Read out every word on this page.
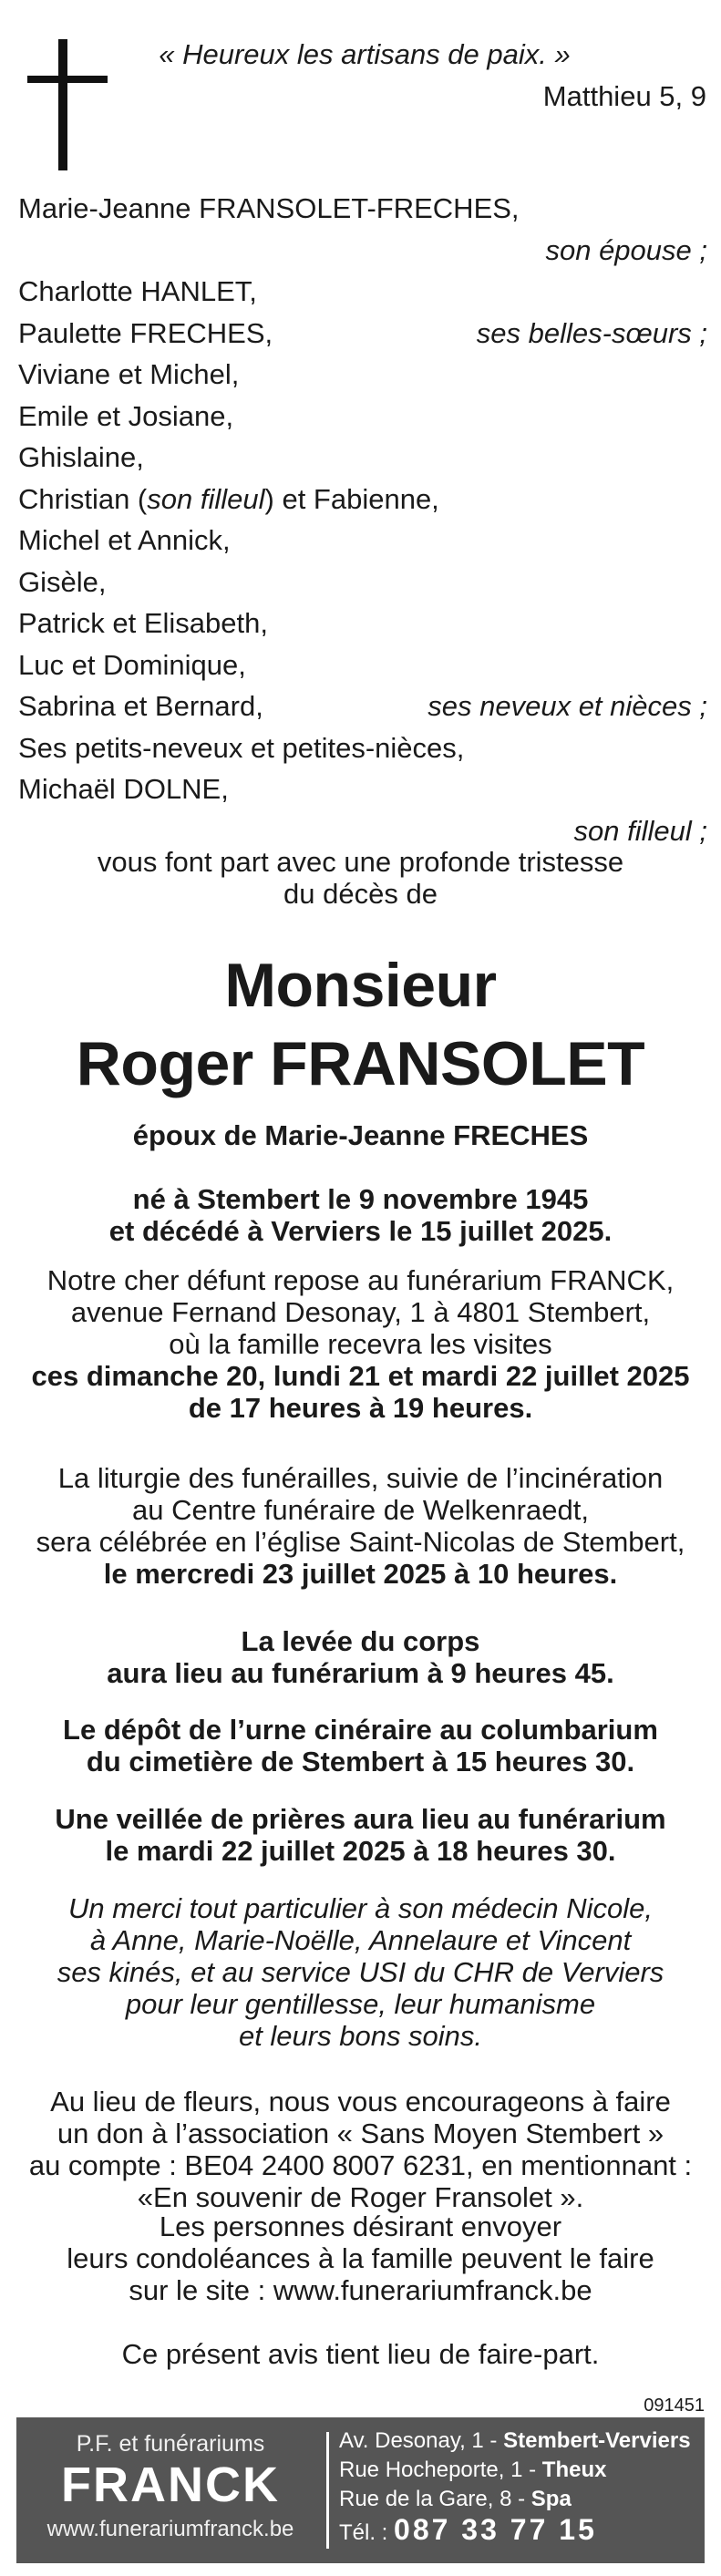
« Heureux les artisans de paix. »
Matthieu 5, 9
Marie-Jeanne FRANSOLET-FRECHES,
son épouse ;
Charlotte HANLET,
Paulette FRECHES,	ses belles-sœurs ;
Viviane et Michel,
Emile et Josiane,
Ghislaine,
Christian (son filleul) et Fabienne,
Michel et Annick,
Gisèle,
Patrick et Elisabeth,
Luc et Dominique,
Sabrina et Bernard,	ses neveux et nièces ;
Ses petits-neveux et petites-nièces,
Michaël DOLNE,
son filleul ;
vous font part avec une profonde tristesse
du décès de
Monsieur
Roger FRANSOLET
époux de Marie-Jeanne FRECHES
né à Stembert le 9 novembre 1945
et décédé à Verviers le 15 juillet 2025.
Notre cher défunt repose au funérarium FRANCK,
avenue Fernand Desonay, 1 à 4801 Stembert,
où la famille recevra les visites
ces dimanche 20, lundi 21 et mardi 22 juillet 2025
de 17 heures à 19 heures.
La liturgie des funérailles, suivie de l’incinération
au Centre funéraire de Welkenraedt,
sera célébrée en l’église Saint-Nicolas de Stembert,
le mercredi 23 juillet 2025 à 10 heures.
La levée du corps
aura lieu au funérarium à 9 heures 45.
Le dépôt de l’urne cinéraire au columbarium
du cimetière de Stembert à 15 heures 30.
Une veillée de prières aura lieu au funérarium
le mardi 22 juillet 2025 à 18 heures 30.
Un merci tout particulier à son médecin Nicole,
à Anne, Marie-Noëlle, Annelaure et Vincent
ses kinés, et au service USI du CHR de Verviers
pour leur gentillesse, leur humanisme
et leurs bons soins.
Au lieu de fleurs, nous vous encourageons à faire
un don à l’association « Sans Moyen Stembert »
au compte : BE04 2400 8007 6231, en mentionnant :
«En souvenir de Roger Fransolet ».
Les personnes désirant envoyer
leurs condoléances à la famille peuvent le faire
sur le site : www.funerariumfranck.be
Ce présent avis tient lieu de faire-part.
091451
P.F. et funérariums
FRANCK
www.funerariumfranck.be
Av. Desonay, 1 - Stembert-Verviers
Rue Hocheporte, 1 - Theux
Rue de la Gare, 8 - Spa
Tél. : 087 33 77 15
